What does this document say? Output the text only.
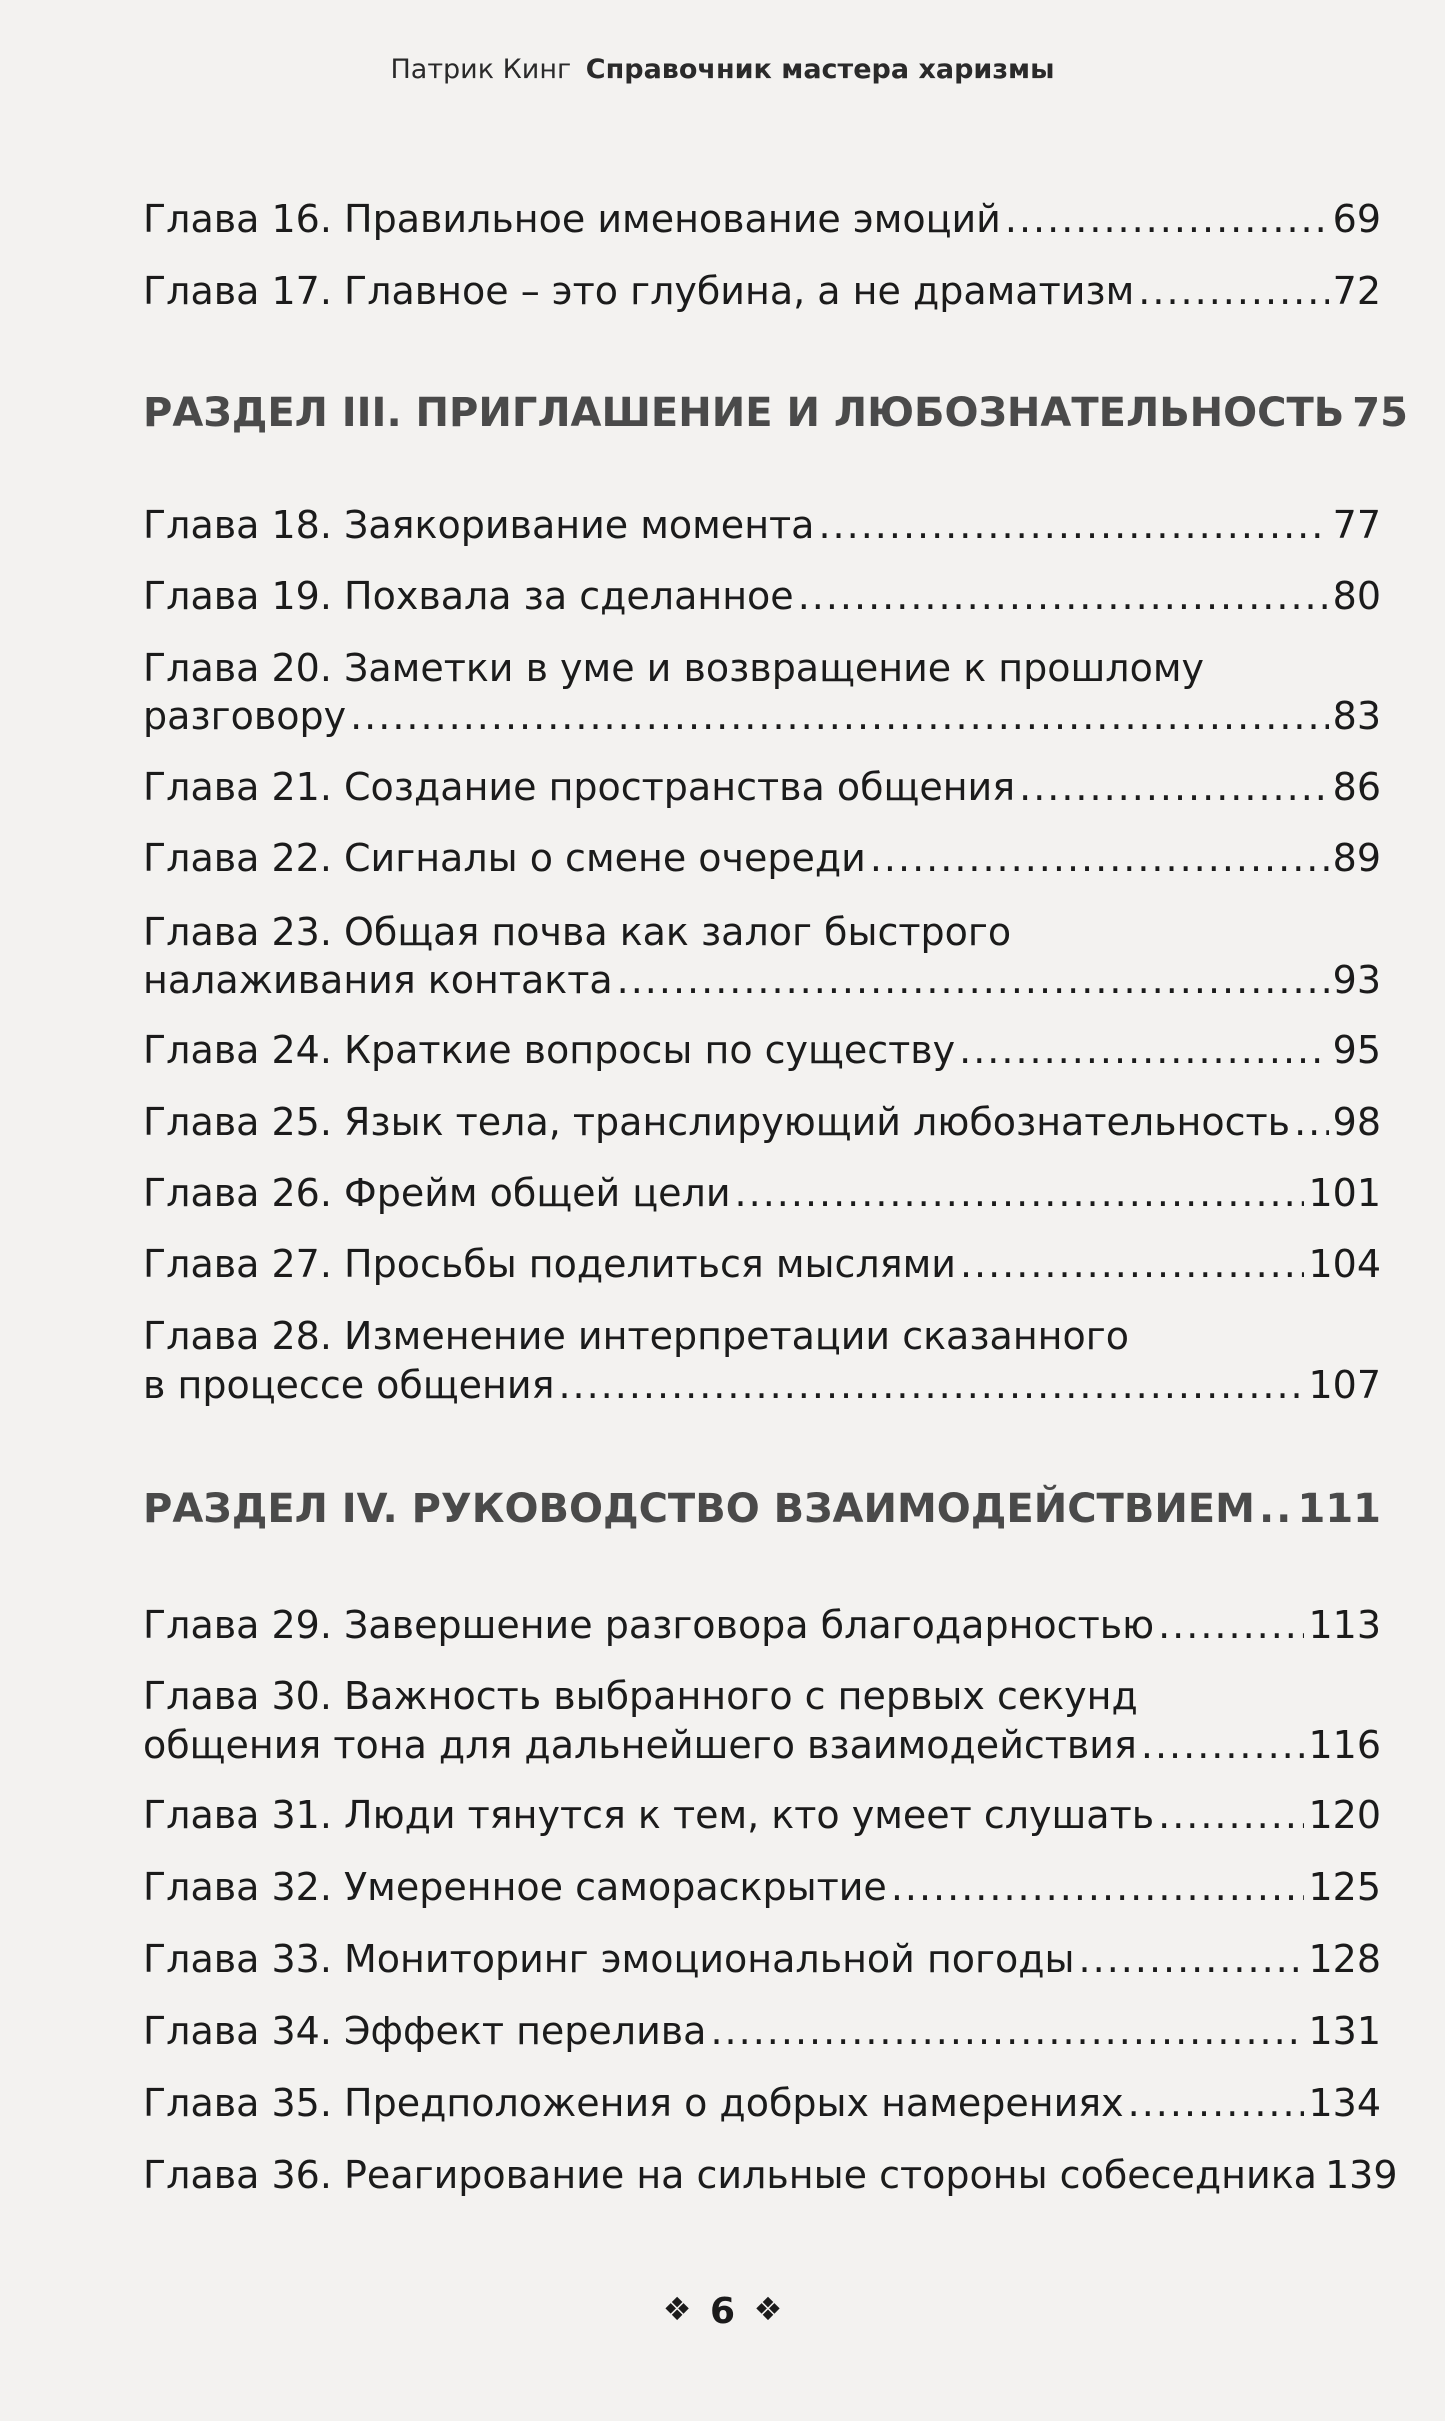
Патрик Кинг Справочник мастера харизмы
Глава 16. Правильное именование эмоций .....	69
Глава 17. Главное – это глубина, а не драматизм .....	72
РАЗДЕЛ III. ПРИГЛАШЕНИЕ И ЛЮБОЗНАТЕЛЬНОСТЬ 75
Глава 18. Заякоривание момента .....	77
Глава 19. Похвала за сделанное .....	80
Глава 20. Заметки в уме и возвращение к прошлому
разговору .....	83
Глава 21. Создание пространства общения .....	86
Глава 22. Сигналы о смене очереди .....	89
Глава 23. Общая почва как залог быстрого
налаживания контакта .....	93
Глава 24. Краткие вопросы по существу .....	95
Глава 25. Язык тела, транслирующий любознательность ..... 98
Глава 26. Фрейм общей цели .....	101
Глава 27. Просьбы поделиться мыслями .....	104
Глава 28. Изменение интерпретации сказанного
в процессе общения .....	107
РАЗДЕЛ IV. РУКОВОДСТВО ВЗАИМОДЕЙСТВИЕМ ..... 111
Глава 29. Завершение разговора благодарностью .....	113
Глава 30. Важность выбранного с первых секунд
общения тона для дальнейшего взаимодействия .....	116
Глава 31. Люди тянутся к тем, кто умеет слушать .....	120
Глава 32. Умеренное самораскрытие .....	125
Глава 33. Мониторинг эмоциональной погоды .....	128
Глава 34. Эффект перелива .....	131
Глава 35. Предположения о добрых намерениях .....	134
Глава 36. Реагирование на сильные стороны собеседника 139
❖ 6 ❖
